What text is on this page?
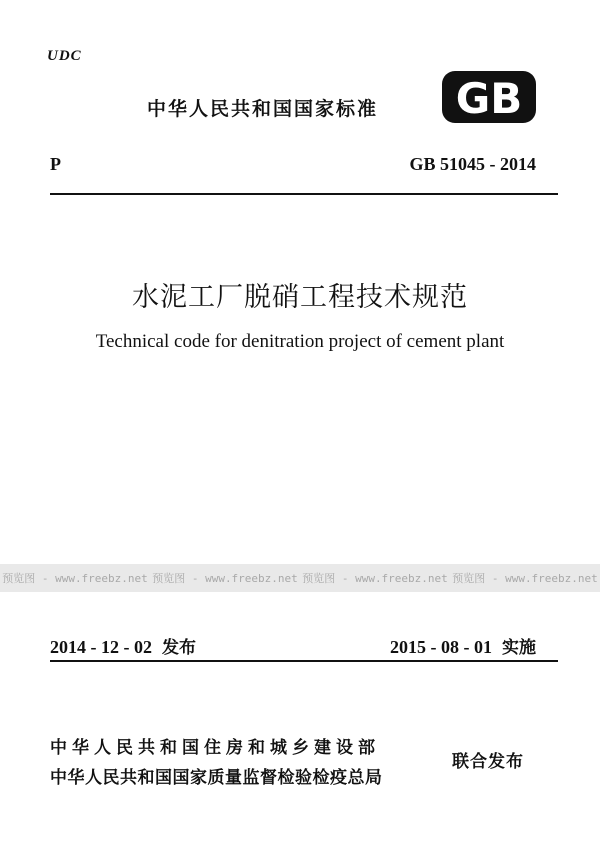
UDC
中华人民共和国国家标准 GB
P	GB 51045 - 2014
水泥工厂脱硝工程技术规范
Technical code for denitration project of cement plant
预览图 - www.freebz.net 预览图 - www.freebz.net 预览图 - www.freebz.net 预览图 - www.freebz.net
2014 - 12 - 02 发布	2015 - 08 - 01 实施
中华人民共和国住房和城乡建设部
中华人民共和国国家质量监督检验检疫总局
联合发布
